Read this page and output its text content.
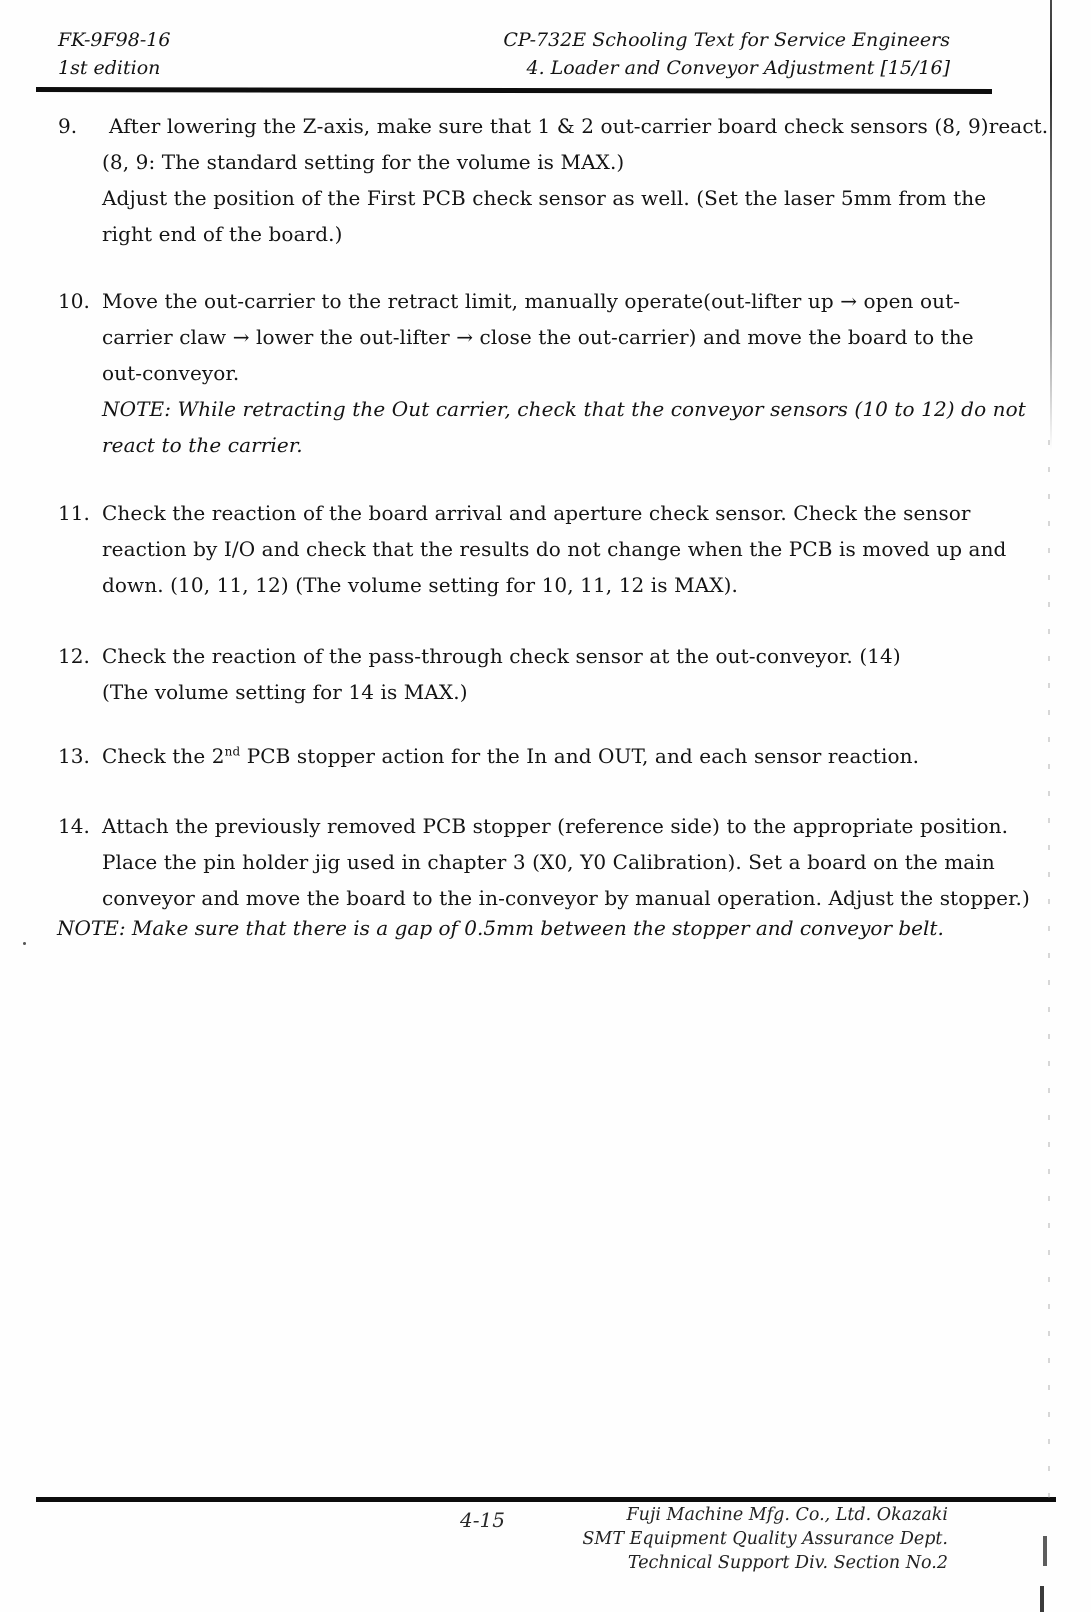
FK-9F98-16
1st edition
CP-732E Schooling Text for Service Engineers
4. Loader and Conveyor Adjustment [15/16]
9.	After lowering the Z-axis, make sure that 1 & 2 out-carrier board check sensors (8, 9)react.
(8, 9: The standard setting for the volume is MAX.)
Adjust the position of the First PCB check sensor as well. (Set the laser 5mm from the
right end of the board.)
10. Move the out-carrier to the retract limit, manually operate(out-lifter up → open out-
carrier claw → lower the out-lifter → close the out-carrier) and move the board to the
out-conveyor.
NOTE: While retracting the Out carrier, check that the conveyor sensors (10 to 12) do not
react to the carrier.
11. Check the reaction of the board arrival and aperture check sensor. Check the sensor
reaction by I/O and check that the results do not change when the PCB is moved up and
down. (10, 11, 12) (The volume setting for 10, 11, 12 is MAX).
12. Check the reaction of the pass-through check sensor at the out-conveyor. (14)
(The volume setting for 14 is MAX.)
13. Check the 2nd PCB stopper action for the In and OUT, and each sensor reaction.
14. Attach the previously removed PCB stopper (reference side) to the appropriate position.
Place the pin holder jig used in chapter 3 (X0, Y0 Calibration). Set a board on the main
conveyor and move the board to the in-conveyor by manual operation. Adjust the stopper.)
NOTE: Make sure that there is a gap of 0.5mm between the stopper and conveyor belt.
4-15	Fuji Machine Mfg. Co., Ltd. Okazaki
SMT Equipment Quality Assurance Dept.
Technical Support Div. Section No.2
